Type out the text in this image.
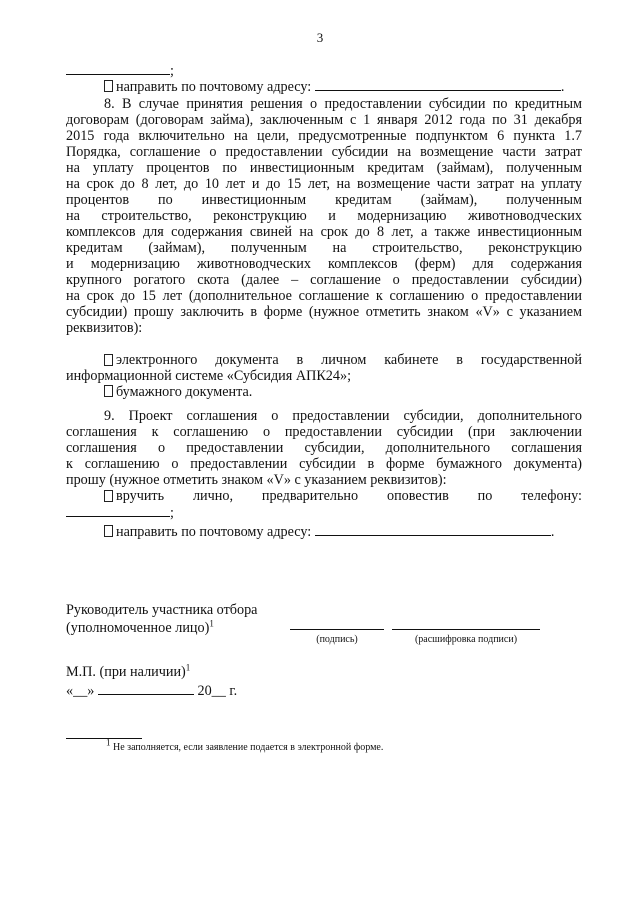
3
;
направить по почтовому адресу:	.
8. В случае принятия решения о предоставлении субсидии по кредитным
договорам (договорам займа), заключенным с 1 января 2012 года по 31 декабря
2015 года включительно на цели, предусмотренные подпунктом 6 пункта 1.7
Порядка, соглашение о предоставлении субсидии на возмещение части затрат
на уплату процентов по инвестиционным кредитам (займам), полученным
на срок до 8 лет, до 10 лет и до 15 лет, на возмещение части затрат на уплату
процентов по инвестиционным кредитам (займам), полученным
на строительство, реконструкцию и модернизацию животноводческих
комплексов для содержания свиней на срок до 8 лет, а также инвестиционным
кредитам (займам), полученным на строительство, реконструкцию
и модернизацию животноводческих комплексов (ферм) для содержания
крупного рогатого скота (далее – соглашение о предоставлении субсидии)
на срок до 15 лет (дополнительное соглашение к соглашению о предоставлении
субсидии) прошу заключить в форме (нужное отметить знаком «V» с указанием
реквизитов):
электронного документа в личном кабинете в государственной
информационной системе «Субсидия АПК24»;
бумажного документа.
9. Проект соглашения о предоставлении субсидии, дополнительного
соглашения к соглашению о предоставлении субсидии (при заключении
соглашения о предоставлении субсидии, дополнительного соглашения
к соглашению о предоставлении субсидии в форме бумажного документа)
прошу (нужное отметить знаком «V» с указанием реквизитов):
вручить лично, предварительно оповестив по телефону:
;
направить по почтовому адресу:	.
Руководитель участника отбора
(уполномоченное лицо)$^1$
(подпись)	(расшифровка подписи)
М.П. (при наличии)$^1$
«__»	20__ г.
1 Не заполняется, если заявление подается в электронной форме.
